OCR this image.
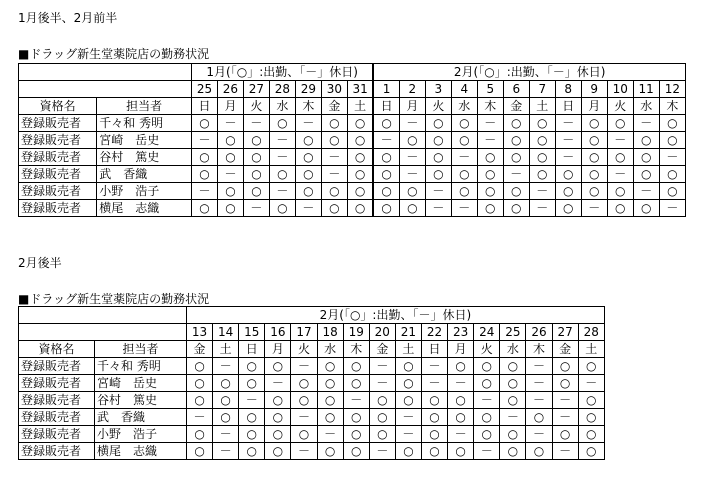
1月後半、2月前半
■ドラッグ新生堂薬院店の勤務状況
		1月(「○」:出勤、「－」休日)							2月(「○」:出勤、「－」休日)											
		25	26	27	28	29	30	31	1	2	3	4	5	6	7	8	9	10	11	12
資格名	担当者	日	月	火	水	木	金	土	日	月	火	水	木	金	土	日	月	火	水	木
登録販売者	千々和 秀明	○	－	－	○	－	○	○	○	－	○	○	－	○	○	－	○	○	－	○
登録販売者	宮崎　岳史	－	○	○	－	○	○	○	－	○	○	○	－	○	○	－	○	－	○	○
登録販売者	谷村　篤史	○	○	○	－	○	－	○	○	－	○	－	○	○	○	－	○	○	○	－
登録販売者	武　香織	○	－	○	○	○	－	○	○	－	○	○	○	－	○	○	○	－	○	○
登録販売者	小野　浩子	－	○	○	－	○	○	○	○	○	－	○	○	○	－	○	○	○	－	○
登録販売者	横尾　志織	○	○	－	○	－	○	○	○	○	－	－	○	○	－	○	－	○	○	－
2月後半
■ドラッグ新生堂薬院店の勤務状況
		2月(「○」:出勤、「－」休日)															
		13	14	15	16	17	18	19	20	21	22	23	24	25	26	27	28
資格名	担当者	金	土	日	月	火	水	木	金	土	日	月	火	水	木	金	土
登録販売者	千々和 秀明	○	－	○	○	－	○	○	－	○	－	○	○	○	－	○	○
登録販売者	宮崎　岳史	○	○	○	－	○	○	○	－	○	－	－	○	○	－	○	－
登録販売者	谷村　篤史	○	○	－	○	○	○	－	○	○	○	○	－	○	－	－	○
登録販売者	武　香織	－	○	○	○	－	○	○	○	－	○	○	○	－	○	－	○
登録販売者	小野　浩子	○	－	○	○	○	－	○	○	－	○	－	○	○	－	○	○
登録販売者	横尾　志織	○	－	○	○	－	○	○	－	○	○	○	－	○	○	－	○
